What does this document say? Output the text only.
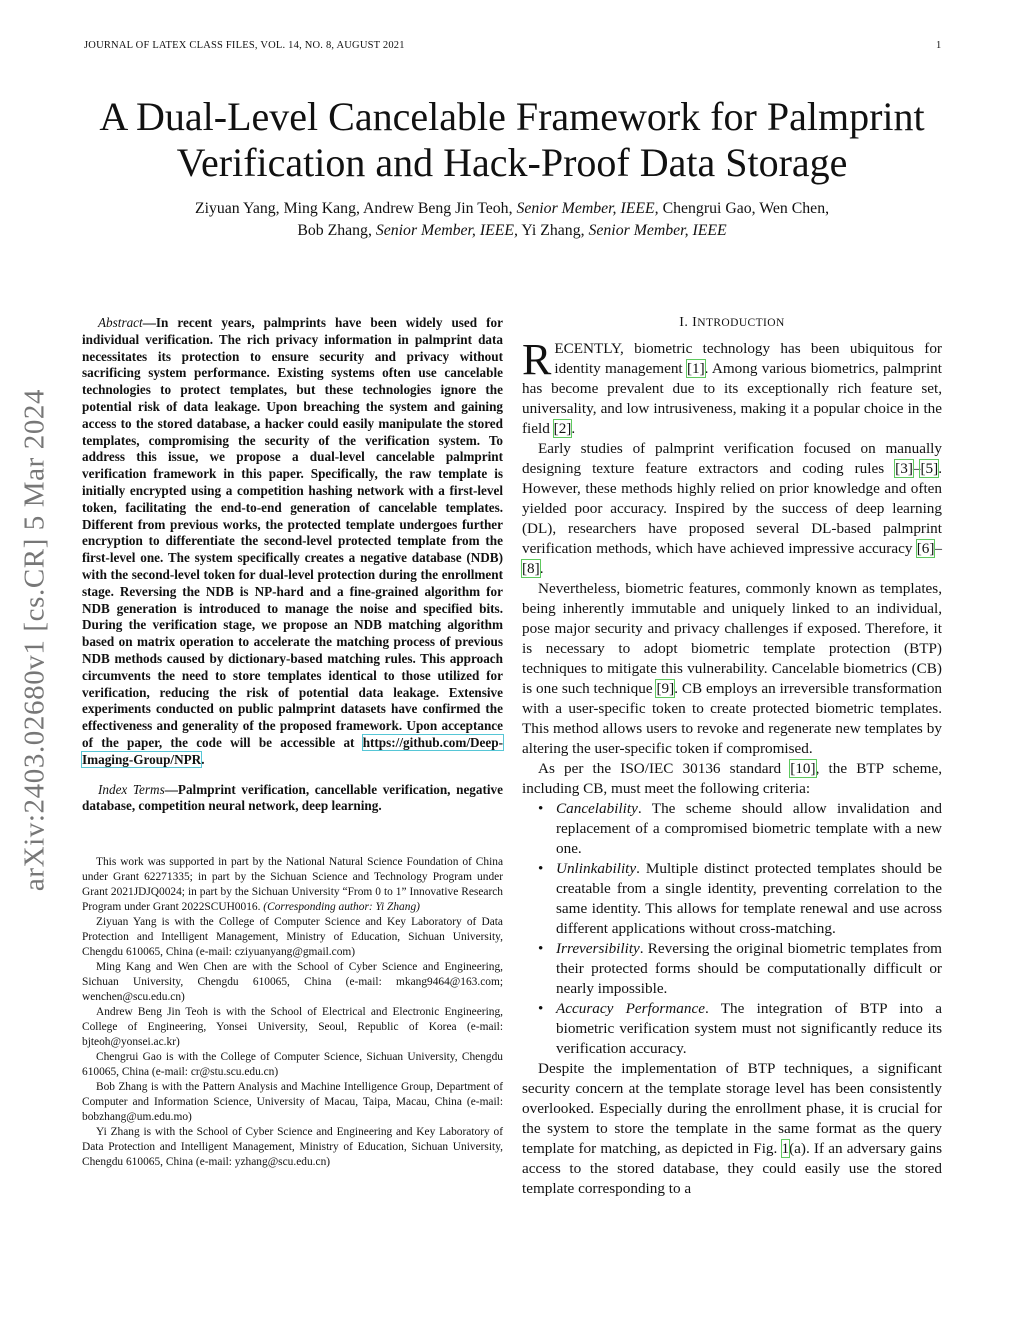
JOURNAL OF LATEX CLASS FILES, VOL. 14, NO. 8, AUGUST 2021	1
A Dual-Level Cancelable Framework for Palmprint Verification and Hack-Proof Data Storage
Ziyuan Yang, Ming Kang, Andrew Beng Jin Teoh, Senior Member, IEEE, Chengrui Gao, Wen Chen,
Bob Zhang, Senior Member, IEEE, Yi Zhang, Senior Member, IEEE
arXiv:2403.02680v1 [cs.CR] 5 Mar 2024

Abstract—In recent years, palmprints have been widely used for individual verification. The rich privacy information in palmprint data necessitates its protection to ensure security and privacy without sacrificing system performance. Existing systems often use cancelable technologies to protect templates, but these technologies ignore the potential risk of data leakage. Upon breaching the system and gaining access to the stored database, a hacker could easily manipulate the stored templates, compromising the security of the verification system. To address this issue, we propose a dual-level cancelable palmprint verification framework in this paper. Specifically, the raw template is initially encrypted using a competition hashing network with a first-level token, facilitating the end-to-end generation of cancelable templates. Different from previous works, the protected template undergoes further encryption to differentiate the second-level protected template from the first-level one. The system specifically creates a negative database (NDB) with the second-level token for dual-level protection during the enrollment stage. Reversing the NDB is NP-hard and a fine-grained algorithm for NDB generation is introduced to manage the noise and specified bits. During the verification stage, we propose an NDB matching algorithm based on matrix operation to accelerate the matching process of previous NDB methods caused by dictionary-based matching rules. This approach circumvents the need to store templates identical to those utilized for verification, reducing the risk of potential data leakage. Extensive experiments conducted on public palmprint datasets have confirmed the effectiveness and generality of the proposed framework. Upon acceptance of the paper, the code will be accessible at https://github.com/Deep-Imaging-Group/NPR.

Index Terms—Palmprint verification, cancellable verification, negative database, competition neural network, deep learning.

This work was supported in part by the National Natural Science Foundation of China under Grant 62271335; in part by the Sichuan Science and Technology Program under Grant 2021JDJQ0024; in part by the Sichuan University “From 0 to 1” Innovative Research Program under Grant 2022SCUH0016. (Corresponding author: Yi Zhang)

Ziyuan Yang is with the College of Computer Science and Key Laboratory of Data Protection and Intelligent Management, Ministry of Education, Sichuan University, Chengdu 610065, China (e-mail: cziyuanyang@gmail.com)

Ming Kang and Wen Chen are with the School of Cyber Science and Engineering, Sichuan University, Chengdu 610065, China (e-mail: mkang9464@163.com; wenchen@scu.edu.cn)

Andrew Beng Jin Teoh is with the School of Electrical and Electronic Engineering, College of Engineering, Yonsei University, Seoul, Republic of Korea (e-mail: bjteoh@yonsei.ac.kr)

Chengrui Gao is with the College of Computer Science, Sichuan University, Chengdu 610065, China (e-mail: cr@stu.scu.edu.cn)

Bob Zhang is with the Pattern Analysis and Machine Intelligence Group, Department of Computer and Information Science, University of Macau, Taipa, Macau, China (e-mail: bobzhang@um.edu.mo)

Yi Zhang is with the School of Cyber Science and Engineering and Key Laboratory of Data Protection and Intelligent Management, Ministry of Education, Sichuan University, Chengdu 610065, China (e-mail: yzhang@scu.edu.cn)

I. INTRODUCTION

RECENTLY, biometric technology has been ubiquitous for identity management [1]. Among various biometrics, palmprint has become prevalent due to its exceptionally rich feature set, universality, and low intrusiveness, making it a popular choice in the field [2].

Early studies of palmprint verification focused on manually designing texture feature extractors and coding rules [3]–[5]. However, these methods highly relied on prior knowledge and often yielded poor accuracy. Inspired by the success of deep learning (DL), researchers have proposed several DL-based palmprint verification methods, which have achieved impressive accuracy [6]–[8].

Nevertheless, biometric features, commonly known as templates, being inherently immutable and uniquely linked to an individual, pose major security and privacy challenges if exposed. Therefore, it is necessary to adopt biometric template protection (BTP) techniques to mitigate this vulnerability. Cancelable biometrics (CB) is one such technique [9]. CB employs an irreversible transformation with a user-specific token to create protected biometric templates. This method allows users to revoke and regenerate new templates by altering the user-specific token if compromised.

As per the ISO/IEC 30136 standard [10], the BTP scheme, including CB, must meet the following criteria:

• Cancelability. The scheme should allow invalidation and replacement of a compromised biometric template with a new one.
• Unlinkability. Multiple distinct protected templates should be creatable from a single identity, preventing correlation to the same identity. This allows for template renewal and use across different applications without cross-matching.
• Irreversibility. Reversing the original biometric templates from their protected forms should be computationally difficult or nearly impossible.
• Accuracy Performance. The integration of BTP into a biometric verification system must not significantly reduce its verification accuracy.

Despite the implementation of BTP techniques, a significant security concern at the template storage level has been consistently overlooked. Especially during the enrollment phase, it is crucial for the system to store the template in the same format as the query template for matching, as depicted in Fig. 1(a). If an adversary gains access to the stored database, they could easily use the stored template corresponding to a
